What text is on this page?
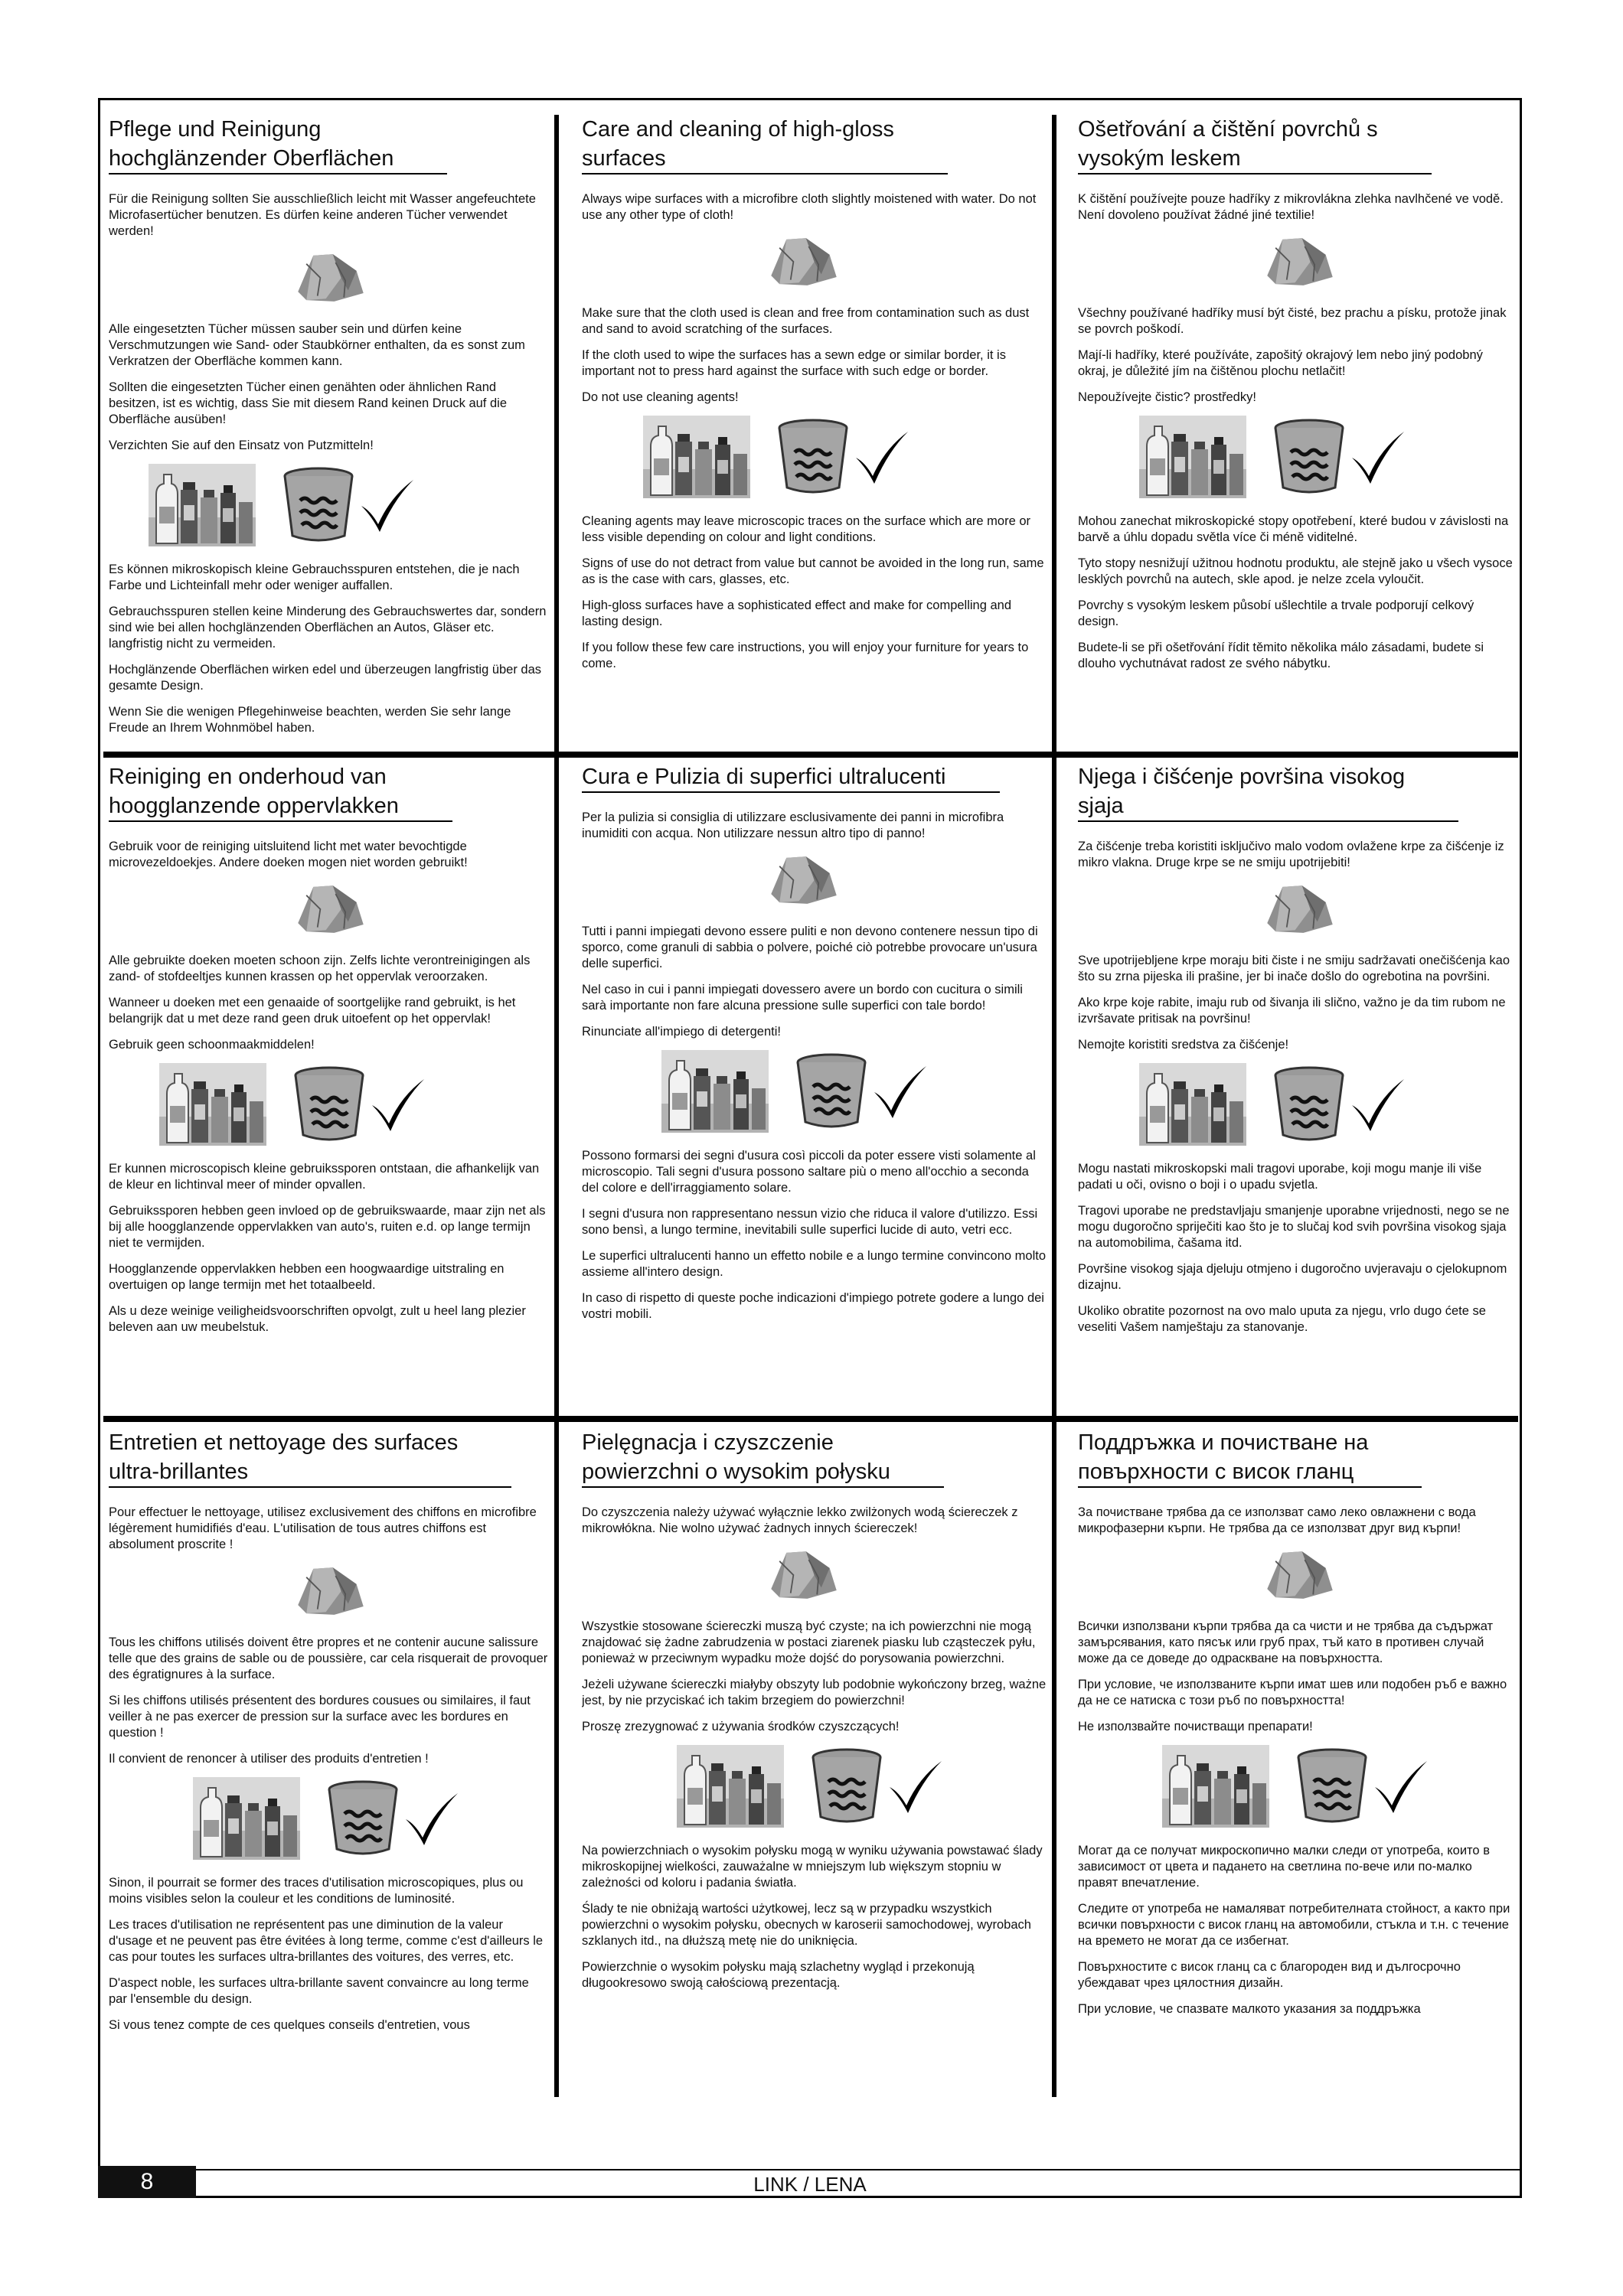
Pflege und Reinigung
hochglänzender Oberflächen

Für die Reinigung sollten Sie ausschließlich leicht mit Wasser angefeuchtete Microfasertücher benutzen. Es dürfen keine anderen Tücher verwendet werden!

Alle eingesetzten Tücher müssen sauber sein und dürfen keine Verschmutzungen wie Sand- oder Staubkörner enthalten, da es sonst zum Verkratzen der Oberfläche kommen kann.

Sollten die eingesetzten Tücher einen genähten oder ähnlichen Rand besitzen, ist es wichtig, dass Sie mit diesem Rand keinen Druck auf die Oberfläche ausüben!

Verzichten Sie auf den Einsatz von Putzmitteln!

Es können mikroskopisch kleine Gebrauchsspuren entstehen, die je nach Farbe und Lichteinfall mehr oder weniger auffallen.

Gebrauchsspuren stellen keine Minderung des Gebrauchswertes dar, sondern sind wie bei allen hochglänzenden Oberflächen an Autos, Gläser etc. langfristig nicht zu vermeiden.

Hochglänzende Oberflächen wirken edel und überzeugen langfristig über das gesamte Design.

Wenn Sie die wenigen Pflegehinweise beachten, werden Sie sehr lange Freude an Ihrem Wohnmöbel haben.

Care and cleaning of high-gloss
surfaces

Always wipe surfaces with a microfibre cloth slightly moistened with water. Do not use any other type of cloth!

Make sure that the cloth used is clean and free from contamination such as dust and sand to avoid scratching of the surfaces.

If the cloth used to wipe the surfaces has a sewn edge or similar border, it is important not to press hard against the surface with such edge or border.

Do not use cleaning agents!

Cleaning agents may leave microscopic traces on the surface which are more or less visible depending on colour and light conditions.

Signs of use do not detract from value but cannot be avoided in the long run, same as is the case with cars, glasses, etc.

High-gloss surfaces have a sophisticated effect and make for compelling and lasting design.

If you follow these few care instructions, you will enjoy your furniture for years to come.

Ošetřování a čištění povrchů s
vysokým leskem

K čištění používejte pouze hadříky z mikrovlákna zlehka navlhčené ve vodě. Není dovoleno používat žádné jiné textilie!

Všechny používané hadříky musí být čisté, bez prachu a písku, protože jinak se povrch poškodí.

Mají-li hadříky, které používáte, zapošitý okrajový lem nebo jiný podobný okraj, je důležité jím na čištěnou plochu netlačit!

Nepoužívejte čistic? prostředky!

Mohou zanechat mikroskopické stopy opotřebení, které budou v závislosti na barvě a úhlu dopadu světla více či méně viditelné.

Tyto stopy nesnižují užitnou hodnotu produktu, ale stejně jako u všech vysoce lesklých povrchů na autech, skle apod. je nelze zcela vyloučit.

Povrchy s vysokým leskem působí ušlechtile a trvale podporují celkový design.

Budete-li se při ošetřování řídit těmito několika málo zásadami, budete si dlouho vychutnávat radost ze svého nábytku.

Reiniging en onderhoud van
hoogglanzende oppervlakken

Gebruik voor de reiniging uitsluitend licht met water bevochtigde microvezeldoekjes. Andere doeken mogen niet worden gebruikt!

Alle gebruikte doeken moeten schoon zijn. Zelfs lichte verontreinigingen als zand- of stofdeeltjes kunnen krassen op het oppervlak veroorzaken.

Wanneer u doeken met een genaaide of soortgelijke rand gebruikt, is het belangrijk dat u met deze rand geen druk uitoefent op het oppervlak!

Gebruik geen schoonmaakmiddelen!

Er kunnen microscopisch kleine gebruikssporen ontstaan, die afhankelijk van de kleur en lichtinval meer of minder opvallen.

Gebruikssporen hebben geen invloed op de gebruikswaarde, maar zijn net als bij alle hoogglanzende oppervlakken van auto's, ruiten e.d. op lange termijn niet te vermijden.

Hoogglanzende oppervlakken hebben een hoogwaardige uitstraling en overtuigen op lange termijn met het totaalbeeld.

Als u deze weinige veiligheidsvoorschriften opvolgt, zult u heel lang plezier beleven aan uw meubelstuk.

Cura e Pulizia di superfici ultralucenti

Per la pulizia si consiglia di utilizzare esclusivamente dei panni in microfibra inumiditi con acqua. Non utilizzare nessun altro tipo di panno!

Tutti i panni impiegati devono essere puliti e non devono contenere nessun tipo di sporco, come granuli di sabbia o polvere, poiché ciò potrebbe provocare un'usura delle superfici.

Nel caso in cui i panni impiegati dovessero avere un bordo con cucitura o simili sarà importante non fare alcuna pressione sulle superfici con tale bordo!

Rinunciate all'impiego di detergenti!

Possono formarsi dei segni d'usura così piccoli da poter essere visti solamente al microscopio. Tali segni d'usura possono saltare più o meno all'occhio a seconda del colore e dell'irraggiamento solare.

I segni d'usura non rappresentano nessun vizio che riduca il valore d'utilizzo. Essi sono bensì, a lungo termine, inevitabili sulle superfici lucide di auto, vetri ecc.

Le superfici ultralucenti hanno un effetto nobile e a lungo termine convincono molto assieme all'intero design.

In caso di rispetto di queste poche indicazioni d'impiego potrete godere a lungo dei vostri mobili.

Njega i čišćenje površina visokog
sjaja

Za čišćenje treba koristiti isključivo malo vodom ovlažene krpe za čišćenje iz mikro vlakna. Druge krpe se ne smiju upotrijebiti!

Sve upotrijebljene krpe moraju biti čiste i ne smiju sadržavati onečišćenja kao što su zrna pijeska ili prašine, jer bi inače došlo do ogrebotina na površini.

Ako krpe koje rabite, imaju rub od šivanja ili slično, važno je da tim rubom ne izvršavate pritisak na površinu!

Nemojte koristiti sredstva za čišćenje!

Mogu nastati mikroskopski mali tragovi uporabe, koji mogu manje ili više padati u oči, ovisno o boji i o upadu svjetla.

Tragovi uporabe ne predstavljaju smanjenje uporabne vrijednosti, nego se ne mogu dugoročno spriječiti kao što je to slučaj kod svih površina visokog sjaja na automobilima, čašama itd.

Površine visokog sjaja djeluju otmjeno i dugoročno uvjeravaju o cjelokupnom dizajnu.

Ukoliko obratite pozornost na ovo malo uputa za njegu, vrlo dugo ćete se veseliti Vašem namještaju za stanovanje.

Entretien et nettoyage des surfaces
ultra-brillantes

Pour effectuer le nettoyage, utilisez exclusivement des chiffons en microfibre légèrement humidifiés d'eau. L'utilisation de tous autres chiffons est absolument proscrite !

Tous les chiffons utilisés doivent être propres et ne contenir aucune salissure telle que des grains de sable ou de poussière, car cela risquerait de provoquer des égratignures à la surface.

Si les chiffons utilisés présentent des bordures cousues ou similaires, il faut veiller à ne pas exercer de pression sur la surface avec les bordures en question !

Il convient de renoncer à utiliser des produits d'entretien !

Sinon, il pourrait se former des traces d'utilisation microscopiques, plus ou moins visibles selon la couleur et les conditions de luminosité.

Les traces d'utilisation ne représentent pas une diminution de la valeur d'usage et ne peuvent pas être évitées à long terme, comme c'est d'ailleurs le cas pour toutes les surfaces ultra-brillantes des voitures, des verres, etc.

D'aspect noble, les surfaces ultra-brillante savent convaincre au long terme par l'ensemble du design.

Si vous tenez compte de ces quelques conseils d'entretien, vous

Pielęgnacja i czyszczenie
powierzchni o wysokim połysku

Do czyszczenia należy używać wyłącznie lekko zwilżonych wodą ściereczek z mikrowłókna. Nie wolno używać żadnych innych ściereczek!

Wszystkie stosowane ściereczki muszą być czyste; na ich powierzchni nie mogą znajdować się żadne zabrudzenia w postaci ziarenek piasku lub cząsteczek pyłu, ponieważ w przeciwnym wypadku może dojść do porysowania powierzchni.

Jeżeli używane ściereczki miałyby obszyty lub podobnie wykończony brzeg, ważne jest, by nie przyciskać ich takim brzegiem do powierzchni!

Proszę zrezygnować z używania środków czyszczących!

Na powierzchniach o wysokim połysku mogą w wyniku używania powstawać ślady mikroskopijnej wielkości, zauważalne w mniejszym lub większym stopniu w zależności od koloru i padania światła.

Ślady te nie obniżają wartości użytkowej, lecz są w przypadku wszystkich powierzchni o wysokim połysku, obecnych w karoserii samochodowej, wyrobach szklanych itd., na dłuższą metę nie do uniknięcia.

Powierzchnie o wysokim połysku mają szlachetny wygląd i przekonują długookresowo swoją całościową prezentacją.

Поддръжка и почистване на
повърхности с висок гланц

За почистване трябва да се използват само леко овлажнени с вода микрофазерни кърпи. Не трябва да се използват друг вид кърпи!

Всички използвани кърпи трябва да са чисти и не трябва да съдържат замърсявания, като пясък или груб прах, тъй като в противен случай може да се доведе до одраскване на повърхността.

При условие, че използваните кърпи имат шев или подобен ръб е важно да не се натиска с този ръб по повърхността!

Не използвайте почистващи препарати!

Могат да се получат микроскопично малки следи от употреба, които в зависимост от цвета и падането на светлина по-вече или по-малко правят впечатление.

Следите от употреба не намаляват потребителната стойност, а както при всички повърхности с висок гланц на автомобили, стъкла и т.н. с течение на времето не могат да се избегнат.

Повърхностите с висок гланц са с благороден вид и дългосрочно убеждават чрез цялостния дизайн.

При условие, че спазвате малкото указания за поддръжка

8	LINK / LENA
